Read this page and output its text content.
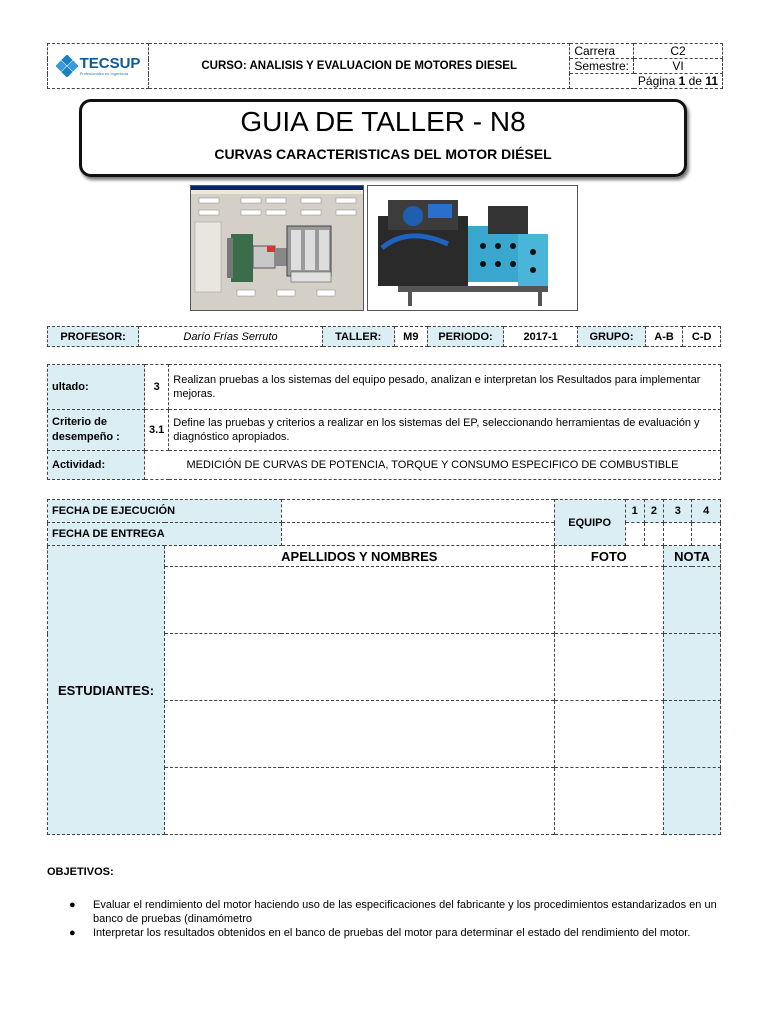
TECSUP
Profesionales en Ingeniería	CURSO: ANALISIS Y EVALUACION DE MOTORES DIESEL	Carrera	C2
		Semestre:	VI
		Página 1 de 11	
GUIA DE TALLER - N8
CURVAS CARACTERISTICAS DEL MOTOR DIÉSEL
PROFESOR:	Darío Frías Serruto	TALLER:	M9	PERIODO:	2017-1	GRUPO:	A-B	C-D
ultado:	3	Realizan pruebas a los sistemas del equipo pesado, analizan e interpretan los Resultados para implementar mejoras.
Criterio de desempeño :	3.1	Define las pruebas y criterios a realizar en los sistemas del EP, seleccionando herramientas de evaluación y diagnóstico apropiados.
Actividad:	MEDICIÓN DE CURVAS DE POTENCIA, TORQUE Y CONSUMO ESPECIFICO DE COMBUSTIBLE	
FECHA DE EJECUCIÓN			EQUIPO	1	2	3	4
FECHA DE ENTREGA							
ESTUDIANTES:	APELLIDOS Y NOMBRES		FOTO			NOTA	

OBJETIVOS:
● Evaluar el rendimiento del motor haciendo uso de las especificaciones del fabricante y los procedimientos estandarizados en un banco de pruebas (dinamómetro
● Interpretar los resultados obtenidos en el banco de pruebas del motor para determinar el estado del rendimiento del motor.
